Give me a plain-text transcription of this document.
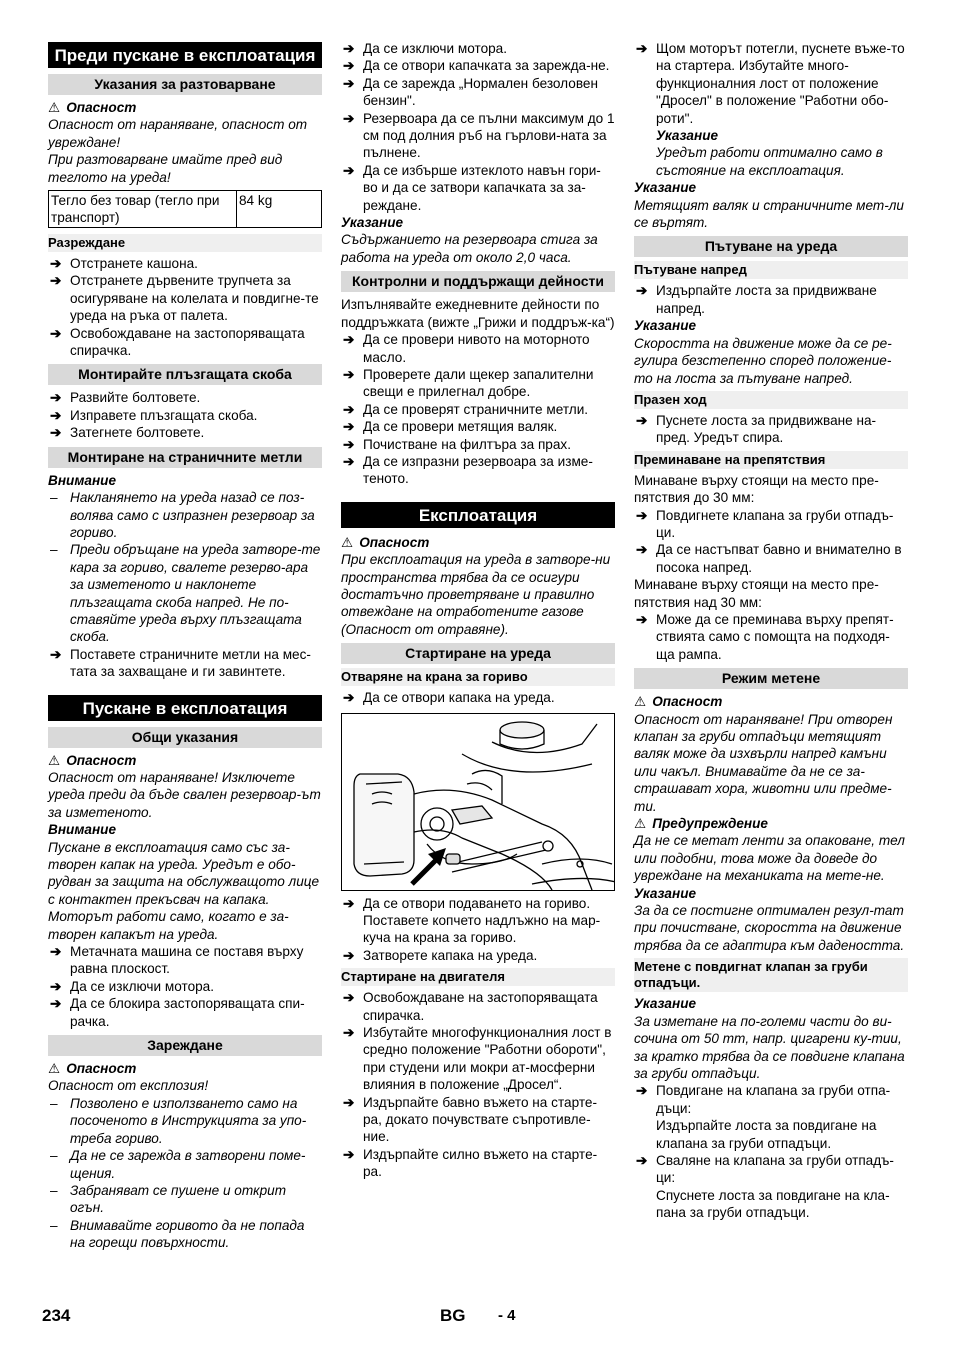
Преди пускане в експлоатация
Указания за разтоварване
⚠ Опасност
Опасност от нараняване, опасност от увреждане!
При разтоварване имайте пред вид теглото на уреда!
Тегло без товар (тегло при транспорт)	84 kg
Разреждане
➔ Отстранете кашона.
➔ Отстранете дървените трупчета за осигуряване на колелата и повдигне-те уреда на ръка от палета.
➔ Освобождаване на застопоряващата спирачка.
Монтирайте плъзгащата скоба
➔ Развийте болтовете.
➔ Изправете плъзгащата скоба.
➔ Затегнете болтовете.
Монтиране на страничните метли
Внимание
– Накланянето на уреда назад се поз-волява само с изпразнен резервоар за гориво.
– Преди обръщане на уреда затворе-те кара за гориво, свалете резерво-ара за изметеното и наклонете плъзгащата скоба напред. Не по-ставяйте уреда върху плъзгащата скоба.
➔ Поставете страничните метли на мес-тата за захващане и ги завинтете.
Пускане в експлоатация
Общи указания
⚠ Опасност
Опасност от нараняване! Изключете уреда преди да бъде свален резервоар-ът за изметеното.
Внимание
Пускане в експлоатация само със за-творен капак на уреда. Уредът е обо-рудван за защита на обслужващото лице с контактен прекъсвач на капака. Моторът работи само, когато е за-творен капакът на уреда.
➔ Метачната машина се поставя върху равна плоскост.
➔ Да се изключи мотора.
➔ Да се блокира застопоряващата спи-рачка.
Зареждане
⚠ Опасност
Опасност от експлозия!
– Позволено е използването само на посоченото в Инструкцията за упо-треба гориво.
– Да не се зарежда в затворени поме-щения.
– Забраняват се пушене и открит огън.
– Внимавайте горивото да не попада на горещи повърхности.
➔ Да се изключи мотора.
➔ Да се отвори капачката за зарежда-не.
➔ Да се зарежда „Нормален безоловен бензин".
➔ Резервоара да се пълни максимум до 1 см под долния ръб на гърлови-ната за пълнене.
➔ Да се избърше изтеклото навън гори-во и да се затвори капачката за за-реждане.
Указание
Съдържанието на резервоара стига за работа на уреда от около 2,0 часа.
Контролни и поддържащи дейности
Изпълнявайте ежедневните дейности по поддръжката (вижте „Грижи и поддръж-ка“)
➔ Да се провери нивото на моторното масло.
➔ Проверете дали щекер запалителни свещи е прилегнал добре.
➔ Да се проверят страничните метли.
➔ Да се провери метящия валяк.
➔ Почистване на филтъра за прах.
➔ Да се изпразни резервоара за изме-теното.
Експлоатация
⚠ Опасност
При експлоатация на уреда в затворе-ни пространства трябва да се осигури достатъчно проветряване и правилно отвеждане на отработените газове (Опасност от отравяне).
Стартиране на уреда
Отваряне на крана за гориво
➔ Да се отвори капака на уреда.
➔ Да се отвори подаването на гориво. Поставете копчето надлъжно на мар-куча на крана за гориво.
➔ Затворете капака на уреда.
Стартиране на двигателя
➔ Освобождаване на застопоряващата спирачка.
➔ Избутайте многофункционалния лост в средно положение "Работни обороти", при студени или мокри ат-мосферни влияния в положение „Дросел“.
➔ Издърпайте бавно въжето на старте-ра, докато почувствате съпротивле-ние.
➔ Издърпайте силно въжето на стартe-ра.
➔ Щом моторът потегли, пуснете въже-то на стартера. Избутайте много-функционалния лост от положение "Дросел" в положение "Работни обо-роти".
Указание
Уредът работи оптимално само в състояние на експлоатация.
Указание
Метящият валяк и страничните мет-ли се въртят.
Пътуване на уреда
Пътуване напред
➔ Издърпайте лоста за придвижване напред.
Указание
Скоростта на движение може да се ре-гулира безстепенно според положение-то на лоста за пътуване напред.
Празен ход
➔ Пуснете лоста за придвижване на-пред. Уредът спира.
Преминаване на препятствия
Минаване върху стоящи на место пре-пятствия до 30 мм:
➔ Повдигнете клапана за груби отпадъ-ци.
➔ Да се настъпват бавно и внимателно в посока напред.
Минаване върху стоящи на место пре-пятствия над 30 мм:
➔ Може да се преминава върху препят-ствията само с помощта на подходя-ща рампа.
Режим метене
⚠ Опасност
Опасност от нараняване! При отворен клапан за груби отпадъци метящият валяк може да изхвърли напред камъни или чакъл. Внимавайте да не се за-страшават хора, животни или предме-ти.
⚠ Предупреждение
Да не се метат ленти за опаковане, тел или подобни, това може да доведе до увреждане на механиката на мете-не.
Указание
За да се постигне оптимален резул-тат при почистване, скоростта на движение трябва да се адаптира към дадеността.
Метене с повдигнат клапан за груби отпадъци.
Указание
За изметане на по-големи части до ви-сочина от 50 mm, напр. цигарени ку-тии, за кратко трябва да се повдигне клапана за груби отпадъци.
➔ Повдигане на клапана за груби отпа-дъци:
Издърпайте лоста за повдигане на клапана за груби отпадъци.
➔ Сваляне на клапана за груби отпадъ-ци:
Спуснете лоста за повдигане на кла-пана за груби отпадъци.
234	BG - 4
